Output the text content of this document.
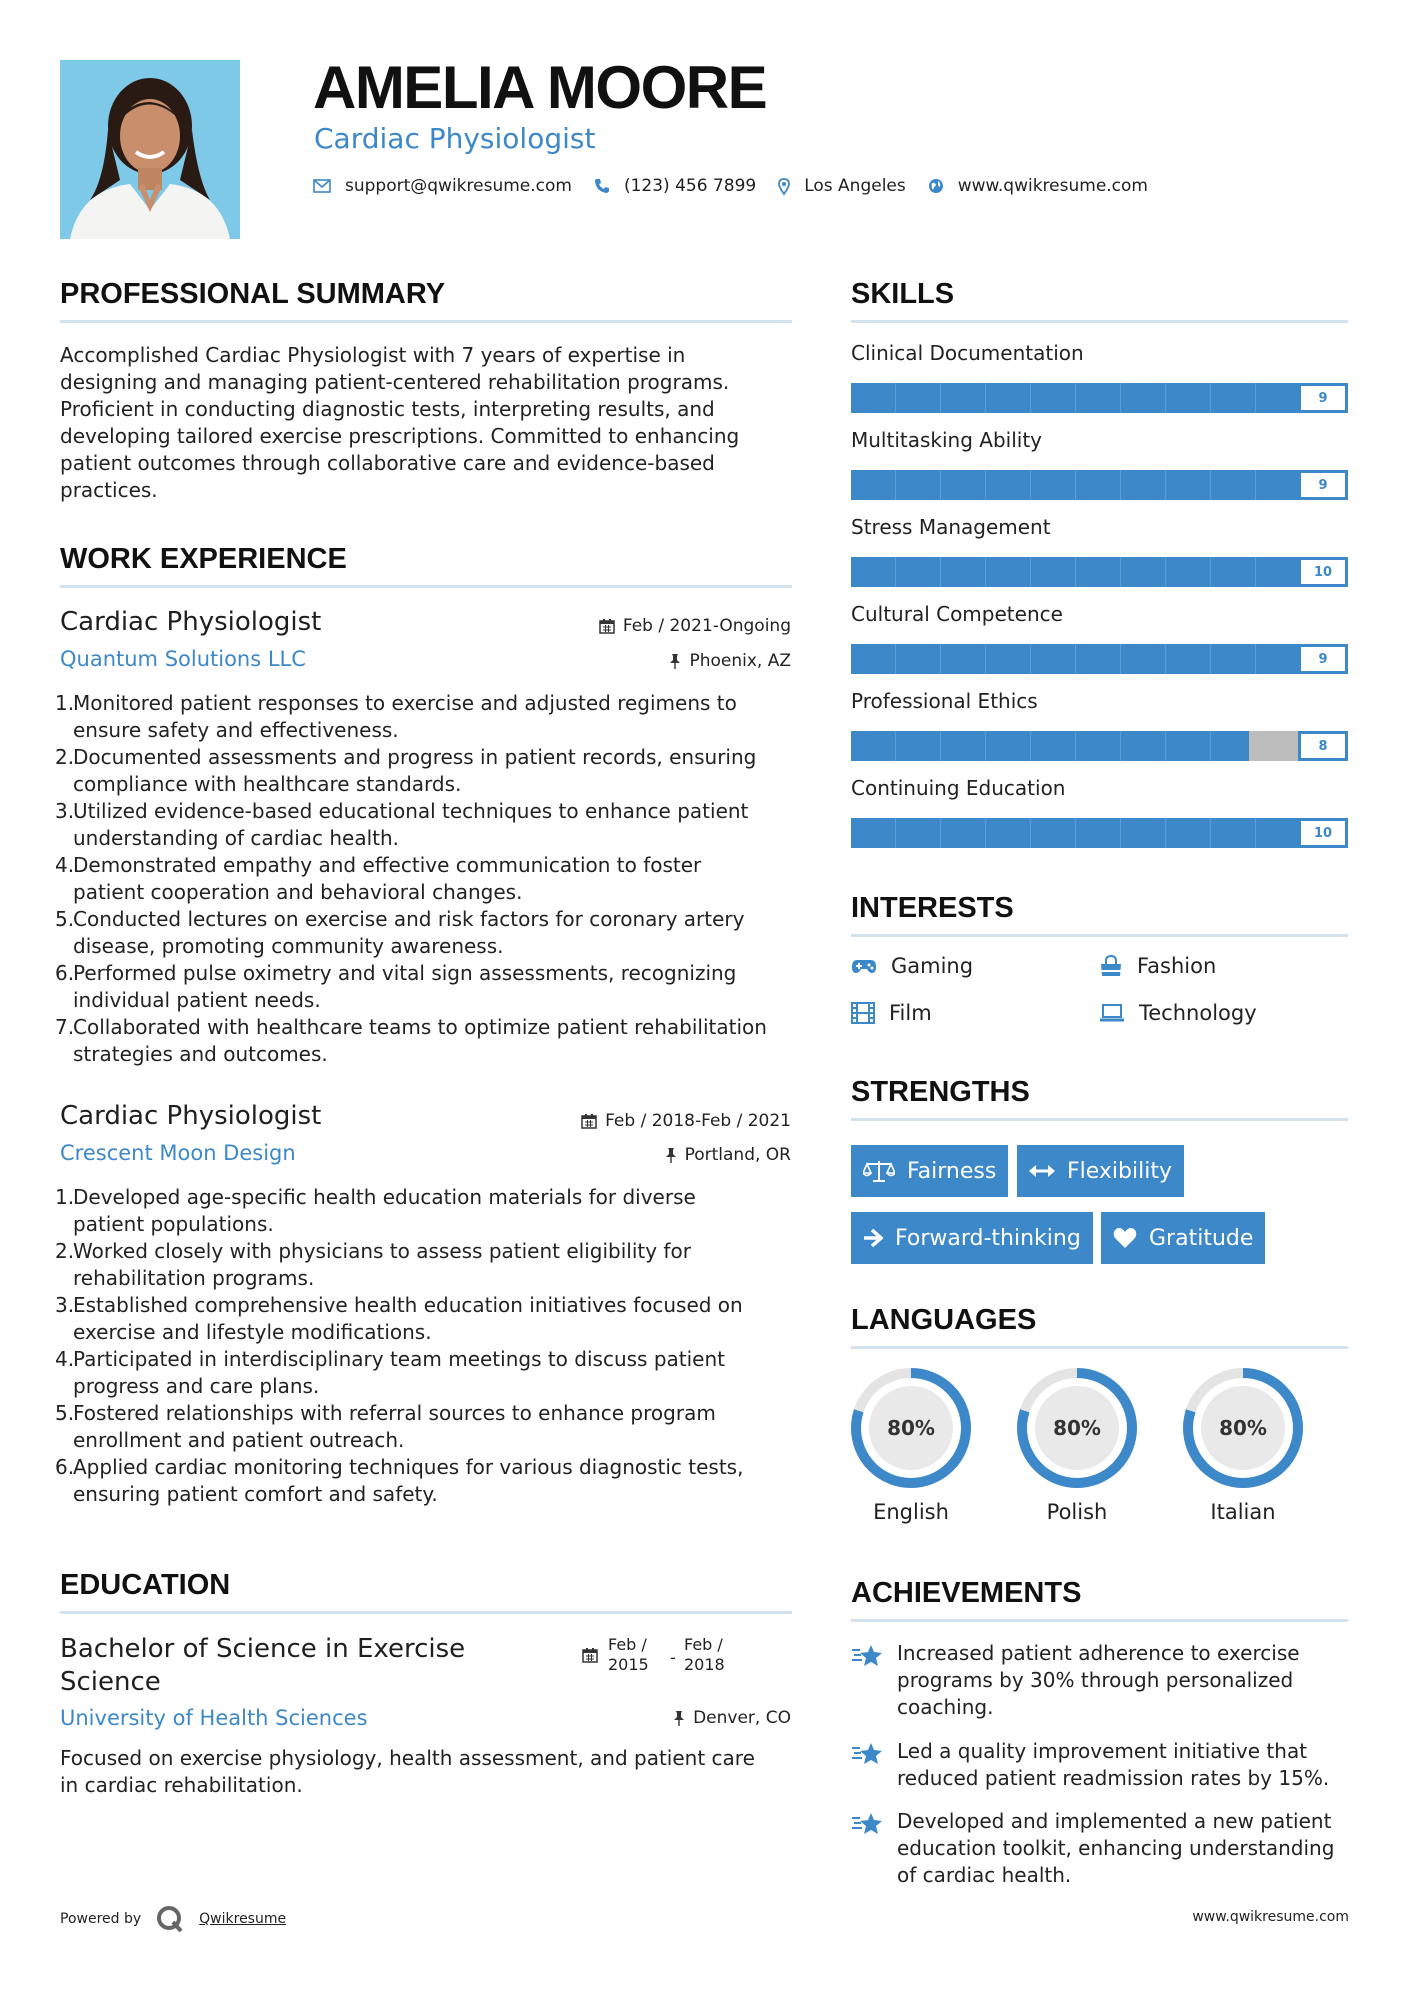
AMELIA MOORE
Cardiac Physiologist
support@qwikresume.com	(123) 456 7899	Los Angeles	www.qwikresume.com
PROFESSIONAL SUMMARY
Accomplished Cardiac Physiologist with 7 years of expertise in
designing and managing patient-centered rehabilitation programs.
Proficient in conducting diagnostic tests, interpreting results, and
developing tailored exercise prescriptions. Committed to enhancing
patient outcomes through collaborative care and evidence-based
practices.
WORK EXPERIENCE
Cardiac Physiologist
Quantum Solutions LLC
Feb / 2021-Ongoing
Phoenix, AZ
1.
Monitored patient responses to exercise and adjusted regimens to
ensure safety and effectiveness.
2.
Documented assessments and progress in patient records, ensuring
compliance with healthcare standards.
3.
Utilized evidence-based educational techniques to enhance patient
understanding of cardiac health.
4.
Demonstrated empathy and effective communication to foster
patient cooperation and behavioral changes.
5.
Conducted lectures on exercise and risk factors for coronary artery
disease, promoting community awareness.
6.
Performed pulse oximetry and vital sign assessments, recognizing
individual patient needs.
7.
Collaborated with healthcare teams to optimize patient rehabilitation
strategies and outcomes.
Cardiac Physiologist
Crescent Moon Design
Feb / 2018-Feb / 2021
Portland, OR
1.
Developed age-specific health education materials for diverse
patient populations.
2.
Worked closely with physicians to assess patient eligibility for
rehabilitation programs.
3.
Established comprehensive health education initiatives focused on
exercise and lifestyle modifications.
4.
Participated in interdisciplinary team meetings to discuss patient
progress and care plans.
5.
Fostered relationships with referral sources to enhance program
enrollment and patient outreach.
6.
Applied cardiac monitoring techniques for various diagnostic tests,
ensuring patient comfort and safety.
EDUCATION
Bachelor of Science in Exercise
Science
Feb /
2015	-
Feb /
2018
University of Health Sciences	Denver, CO
Focused on exercise physiology, health assessment, and patient care
in cardiac rehabilitation.
SKILLS
Clinical Documentation
9
Multitasking Ability
9
Stress Management
10
Cultural Competence
9
Professional Ethics
8
Continuing Education
10
INTERESTS
Gaming	Fashion
Film	Technology
STRENGTHS
Fairness	Flexibility
Forward-thinking	Gratitude
LANGUAGES
80%
English
80%
Polish
80%
Italian
ACHIEVEMENTS
Increased patient adherence to exercise
programs by 30% through personalized
coaching.
Led a quality improvement initiative that
reduced patient readmission rates by 15%.
Developed and implemented a new patient
education toolkit, enhancing understanding
of cardiac health.
Powered by	Qwikresume	www.qwikresume.com
